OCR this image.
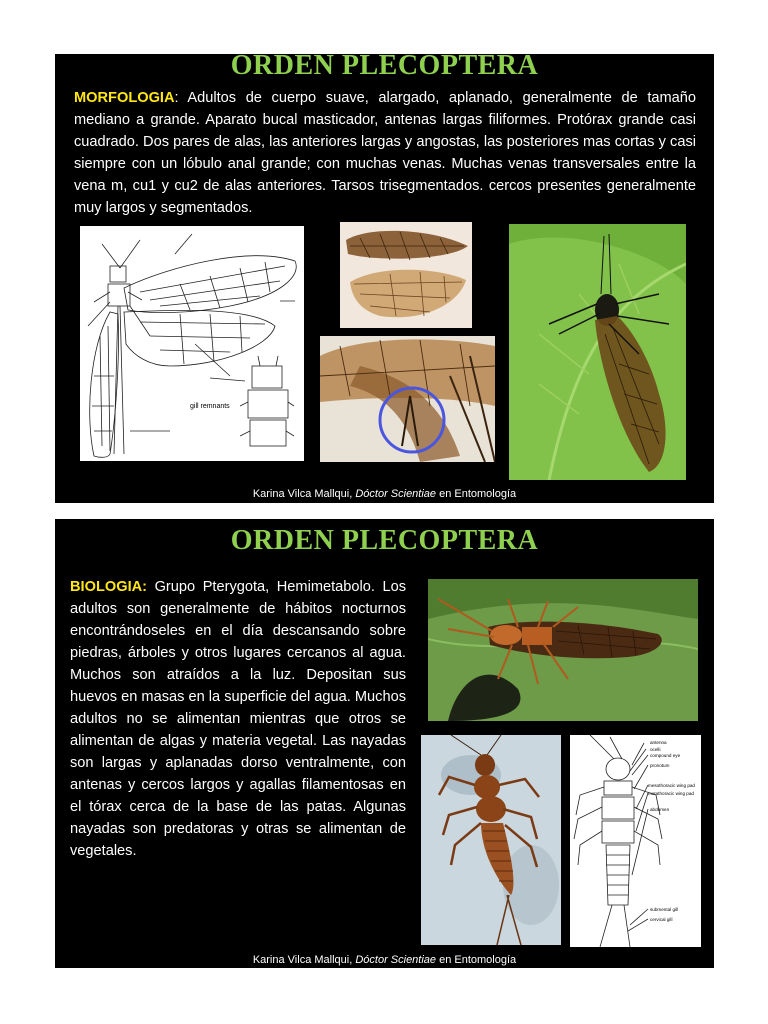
ORDEN PLECOPTERA
MORFOLOGIA: Adultos de cuerpo suave, alargado, aplanado, generalmente de tamaño mediano a grande. Aparato bucal masticador, antenas largas filiformes. Protórax grande casi cuadrado. Dos pares de alas, las anteriores largas y angostas, las posteriores mas cortas y casi siempre con un lóbulo anal grande; con muchas venas. Muchas venas transversales entre la vena m, cu1 y cu2 de alas anteriores. Tarsos trisegmentados. cercos presentes generalmente muy largos y segmentados.
gill remnants
Karina Vilca Mallqui, Dóctor Scientiae en Entomología
ORDEN PLECOPTERA
BIOLOGIA: Grupo Pterygota, Hemimetabolo. Los adultos son generalmente de hábitos nocturnos encontrándoseles en el día descansando sobre piedras, árboles y otros lugares cercanos al agua. Muchos son atraídos a la luz. Depositan sus huevos en masas en la superficie del agua. Muchos adultos no se alimentan mientras que otros se alimentan de algas y materia vegetal. Las nayadas son largas y aplanadas dorso ventralmente, con antenas y cercos largos y agallas filamentosas en el tórax cerca de la base de las patas. Algunas nayadas son predatoras y otras se alimentan de vegetales.
antenna
ocelli
compound eye
pronotum
mesothoracic wing pad
metathoracic wing pad
abdomen
submental gill
cervical gill
Karina Vilca Mallqui, Dóctor Scientiae en Entomología
